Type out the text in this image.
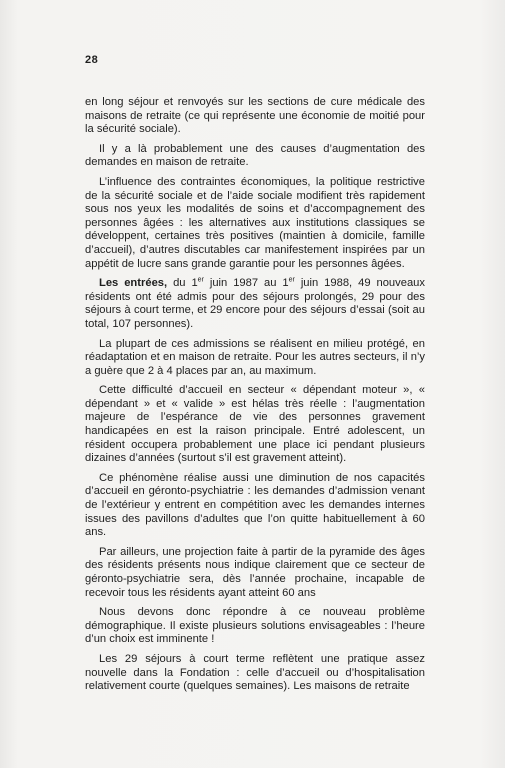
28

en long séjour et renvoyés sur les sections de cure médicale des maisons de retraite (ce qui représente une économie de moitié pour la sécurité sociale).

Il y a là probablement une des causes d’augmentation des demandes en maison de retraite.

L’influence des contraintes économiques, la politique restrictive de la sécurité sociale et de l’aide sociale modifient très rapidement sous nos yeux les modalités de soins et d’accompagnement des personnes âgées : les alternatives aux institutions classiques se développent, certaines très positives (maintien à domicile, famille d’accueil), d’autres discutables car manifestement inspirées par un appétit de lucre sans grande garantie pour les personnes âgées.

Les entrées, du 1er juin 1987 au 1er juin 1988, 49 nouveaux résidents ont été admis pour des séjours prolongés, 29 pour des séjours à court terme, et 29 encore pour des séjours d’essai (soit au total, 107 personnes).

La plupart de ces admissions se réalisent en milieu protégé, en réadaptation et en maison de retraite. Pour les autres secteurs, il n’y a guère que 2 à 4 places par an, au maximum.

Cette difficulté d’accueil en secteur « dépendant moteur », « dépendant » et « valide » est hélas très réelle : l’augmentation majeure de l’espérance de vie des personnes gravement handicapées en est la raison principale. Entré adolescent, un résident occupera probablement une place ici pendant plusieurs dizaines d’années (surtout s’il est gravement atteint).

Ce phénomène réalise aussi une diminution de nos capacités d’accueil en géronto-psychiatrie : les demandes d’admission venant de l’extérieur y entrent en compétition avec les demandes internes issues des pavillons d’adultes que l’on quitte habituellement à 60 ans.

Par ailleurs, une projection faite à partir de la pyramide des âges des résidents présents nous indique clairement que ce secteur de géronto-psychiatrie sera, dès l’année prochaine, incapable de recevoir tous les résidents ayant atteint 60 ans

Nous devons donc répondre à ce nouveau problème démographique. Il existe plusieurs solutions envisageables : l’heure d’un choix est imminente !

Les 29 séjours à court terme reflètent une pratique assez nouvelle dans la Fondation : celle d’accueil ou d’hospitalisation relativement courte (quelques semaines). Les maisons de retraite
